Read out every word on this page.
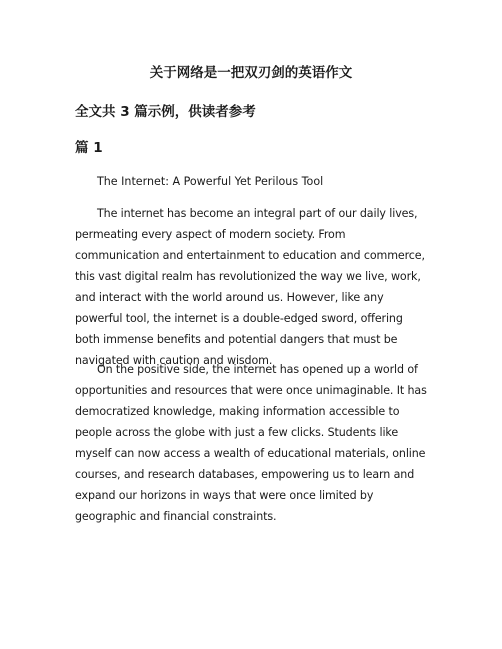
关于网络是一把双刃剑的英语作文
全文共 3 篇示例，供读者参考
篇 1
The Internet: A Powerful Yet Perilous Tool
The internet has become an integral part of our daily lives,
permeating every aspect of modern society. From
communication and entertainment to education and commerce,
this vast digital realm has revolutionized the way we live, work,
and interact with the world around us. However, like any
powerful tool, the internet is a double-edged sword, offering
both immense benefits and potential dangers that must be
navigated with caution and wisdom.
On the positive side, the internet has opened up a world of
opportunities and resources that were once unimaginable. It has
democratized knowledge, making information accessible to
people across the globe with just a few clicks. Students like
myself can now access a wealth of educational materials, online
courses, and research databases, empowering us to learn and
expand our horizons in ways that were once limited by
geographic and financial constraints.
